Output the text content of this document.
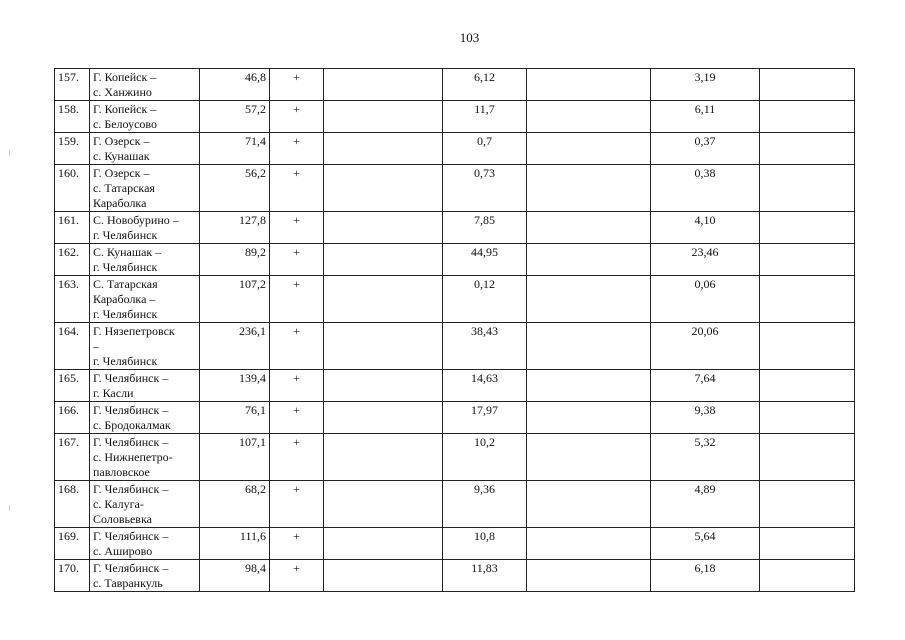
103
157.	Г. Копейск –
с. Ханжино	46,8	+		6,12		3,19	
158.	Г. Копейск –
с. Белоусово	57,2	+		11,7		6,11	
159.	Г. Озерск –
с. Кунашак	71,4	+		0,7		0,37	
160.	Г. Озерск –
с. Татарская
Караболка	56,2	+		0,73		0,38	
161.	С. Новобурино –
г. Челябинск	127,8	+		7,85		4,10	
162.	С. Кунашак –
г. Челябинск	89,2	+		44,95		23,46	
163.	С. Татарская
Караболка –
г. Челябинск	107,2	+		0,12		0,06	
164.	Г. Нязепетровск
–
г. Челябинск	236,1	+		38,43		20,06	
165.	Г. Челябинск –
г. Касли	139,4	+		14,63		7,64	
166.	Г. Челябинск –
с. Бродокалмак	76,1	+		17,97		9,38	
167.	Г. Челябинск –
с. Нижнепетро-
павловское	107,1	+		10,2		5,32	
168.	Г. Челябинск –
с. Калуга-
Соловьевка	68,2	+		9,36		4,89	
169.	Г. Челябинск –
с. Аширово	111,6	+		10,8		5,64	
170.	Г. Челябинск –
с. Тавранкуль	98,4	+		11,83		6,18	
